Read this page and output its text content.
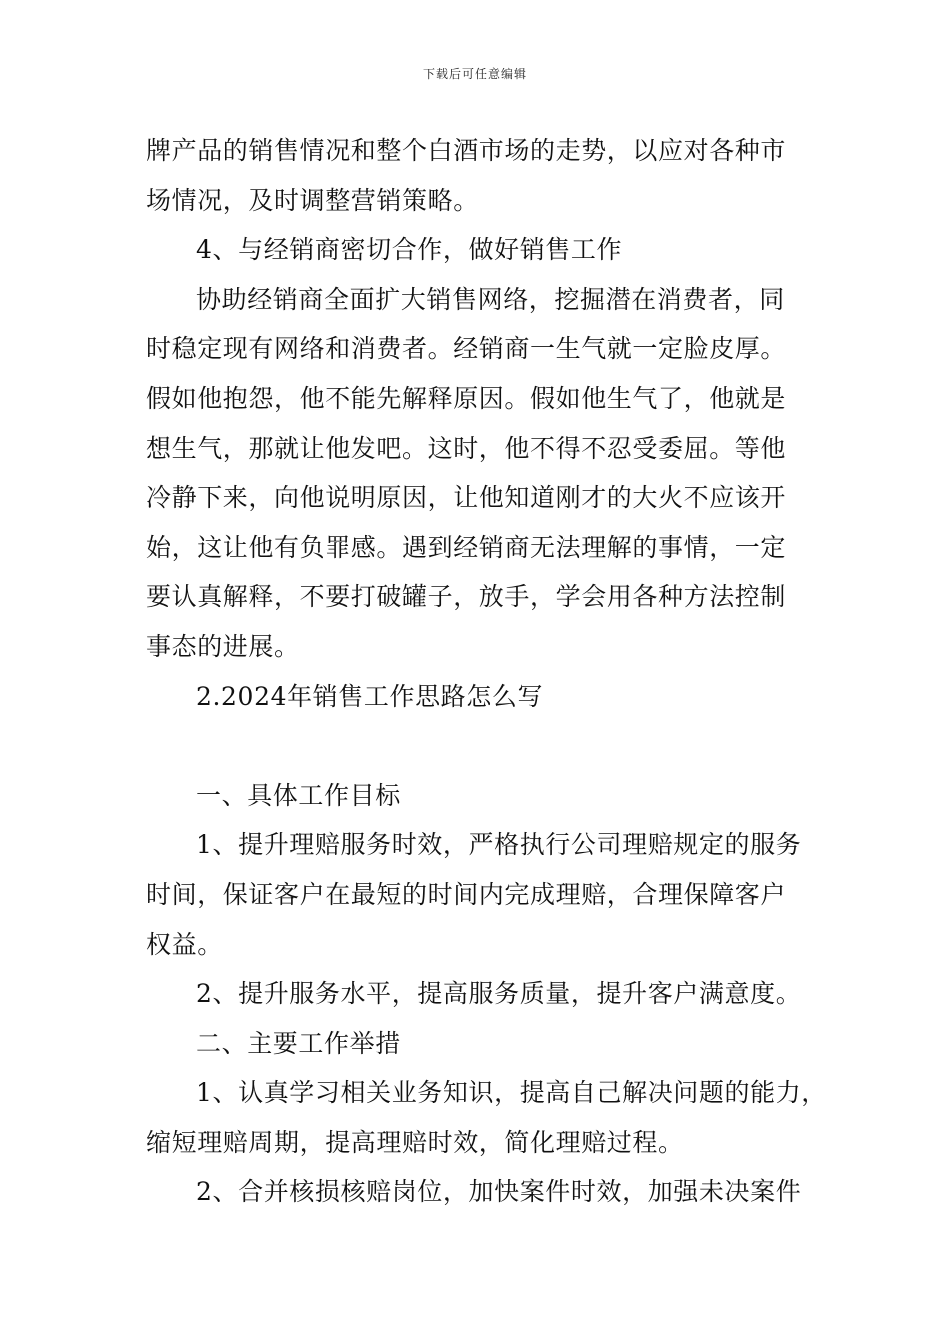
下载后可任意编辑
牌产品的销售情况和整个白酒市场的走势，以应对各种市
场情况，及时调整营销策略。
4、与经销商密切合作，做好销售工作
协助经销商全面扩大销售网络，挖掘潜在消费者，同
时稳定现有网络和消费者。经销商一生气就一定脸皮厚。
假如他抱怨，他不能先解释原因。假如他生气了，他就是
想生气，那就让他发吧。这时，他不得不忍受委屈。等他
冷静下来，向他说明原因，让他知道刚才的大火不应该开
始，这让他有负罪感。遇到经销商无法理解的事情，一定
要认真解释，不要打破罐子，放手，学会用各种方法控制
事态的进展。
2.2024年销售工作思路怎么写
一、具体工作目标
1、提升理赔服务时效，严格执行公司理赔规定的服务
时间，保证客户在最短的时间内完成理赔，合理保障客户
权益。
2、提升服务水平，提高服务质量，提升客户满意度。
二、主要工作举措
1、认真学习相关业务知识，提高自己解决问题的能力，
缩短理赔周期，提高理赔时效，简化理赔过程。
2、合并核损核赔岗位，加快案件时效，加强未决案件
